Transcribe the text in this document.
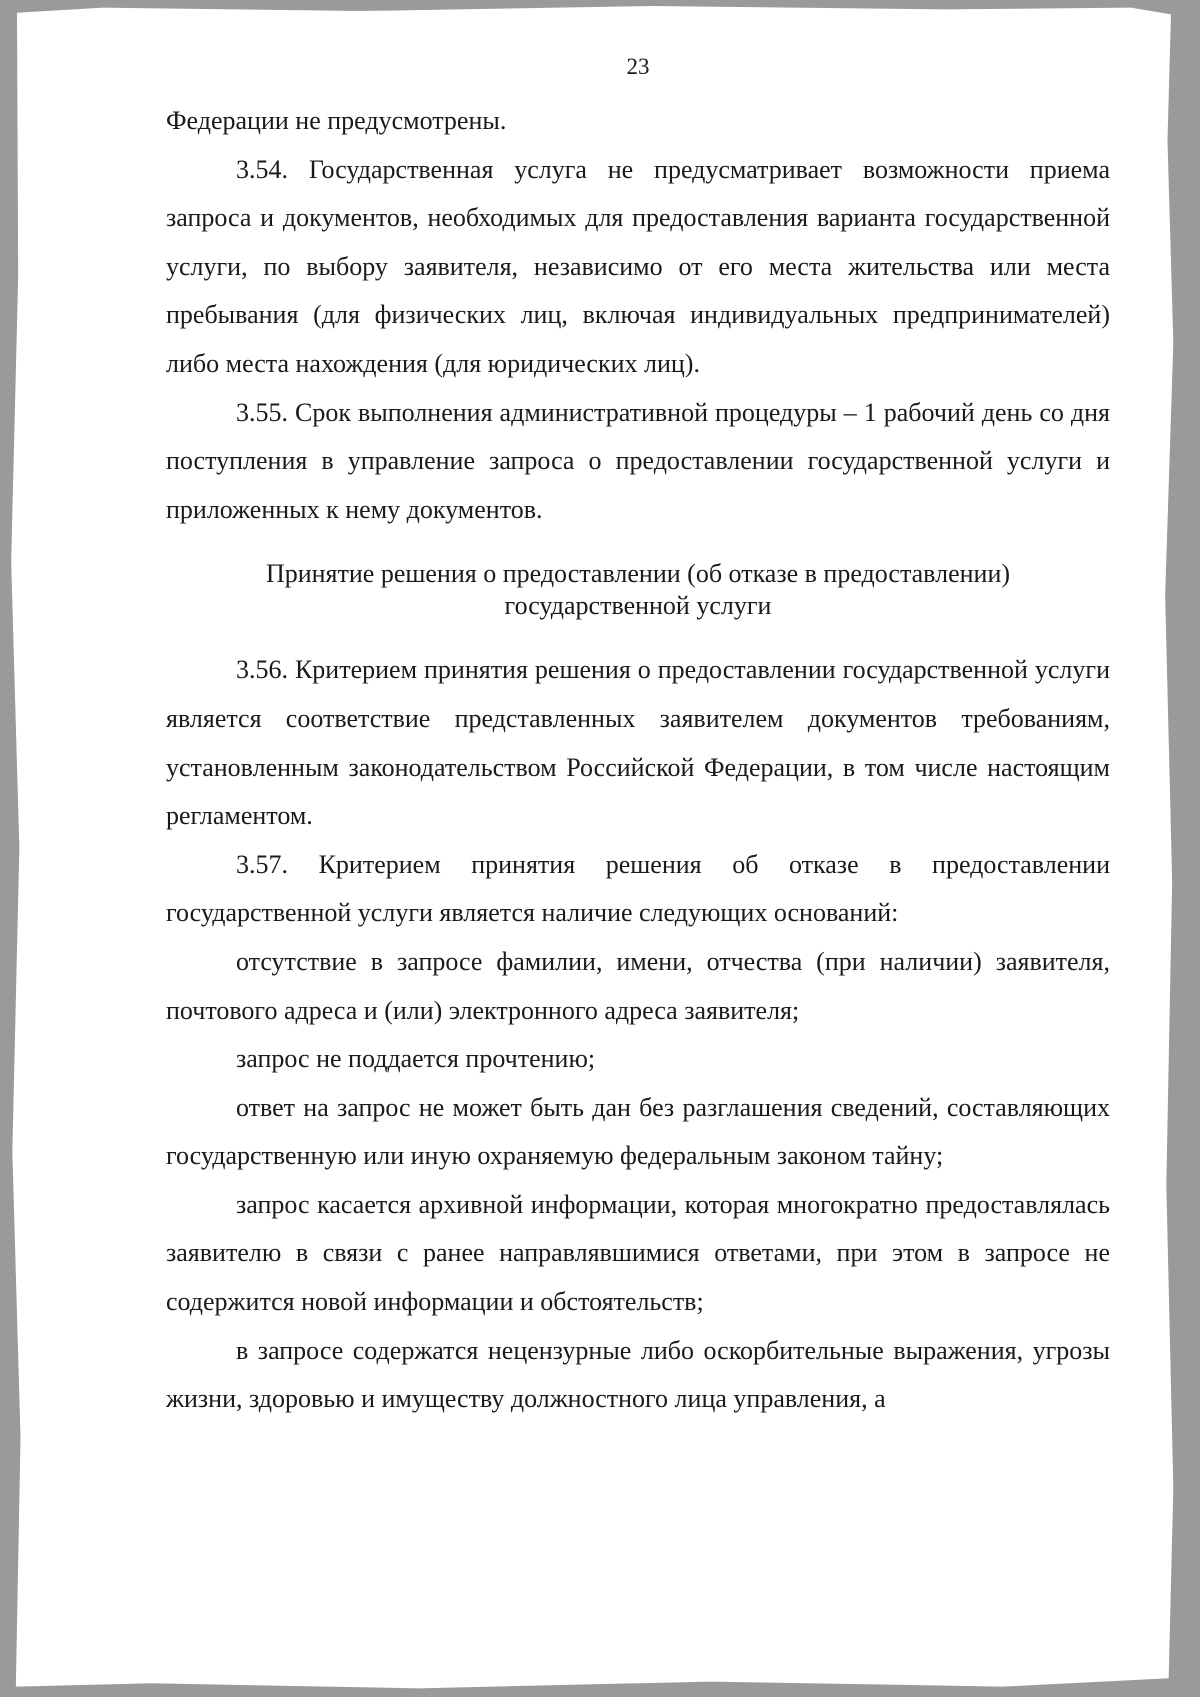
23

Федерации не предусмотрены.

3.54. Государственная услуга не предусматривает возможности приема запроса и документов, необходимых для предоставления варианта государственной услуги, по выбору заявителя, независимо от его места жительства или места пребывания (для физических лиц, включая индивидуальных предпринимателей) либо места нахождения (для юридических лиц).

3.55. Срок выполнения административной процедуры – 1 рабочий день со дня поступления в управление запроса о предоставлении государственной услуги и приложенных к нему документов.

Принятие решения о предоставлении (об отказе в предоставлении)
государственной услуги

3.56. Критерием принятия решения о предоставлении государственной услуги является соответствие представленных заявителем документов требованиям, установленным законодательством Российской Федерации, в том числе настоящим регламентом.

3.57. Критерием принятия решения об отказе в предоставлении государственной услуги является наличие следующих оснований:

отсутствие в запросе фамилии, имени, отчества (при наличии) заявителя, почтового адреса и (или) электронного адреса заявителя;

запрос не поддается прочтению;

ответ на запрос не может быть дан без разглашения сведений, составляющих государственную или иную охраняемую федеральным законом тайну;

запрос касается архивной информации, которая многократно предоставлялась заявителю в связи с ранее направлявшимися ответами, при этом в запросе не содержится новой информации и обстоятельств;

в запросе содержатся нецензурные либо оскорбительные выражения, угрозы жизни, здоровью и имуществу должностного лица управления, а
